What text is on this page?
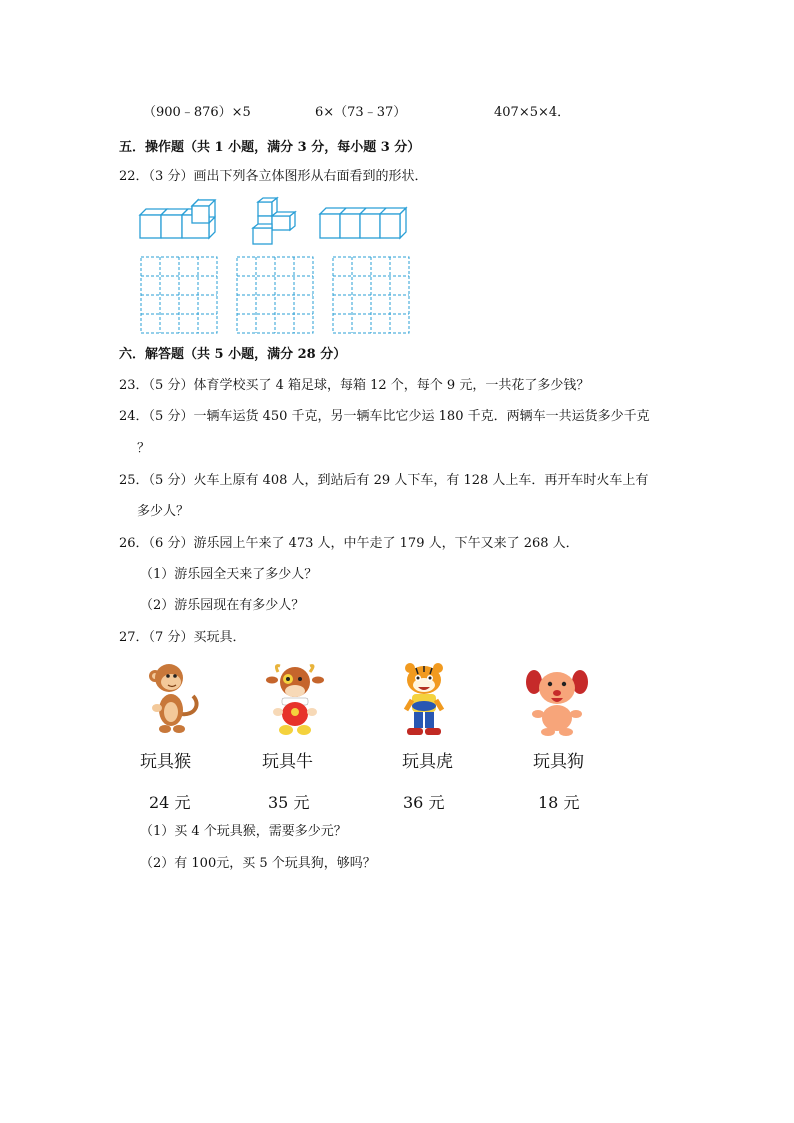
（900﹣876）×5	6×（73﹣37）	407×5×4．

五．操作题（共 1 小题，满分 3 分，每小题 3 分）

22．（3 分）画出下列各立体图形从右面看到的形状．

六．解答题（共 5 小题，满分 28 分）

23．（5 分）体育学校买了 4 箱足球，每箱 12 个，每个 9 元，一共花了多少钱？

24．（5 分）一辆车运货 450 千克，另一辆车比它少运 180 千克．两辆车一共运货多少千克

？

25．（5 分）火车上原有 408 人，到站后有 29 人下车，有 128 人上车．再开车时火车上有

多少人？

26．（6 分）游乐园上午来了 473 人，中午走了 179 人，下午又来了 268 人．

（1）游乐园全天来了多少人？

（2）游乐园现在有多少人？

27．（7 分）买玩具．

玩具猴	玩具牛	玩具虎	玩具狗

24 元	35 元	36 元	18 元

（1）买 4 个玩具猴，需要多少元？

（2）有 100元，买 5 个玩具狗，够吗？
